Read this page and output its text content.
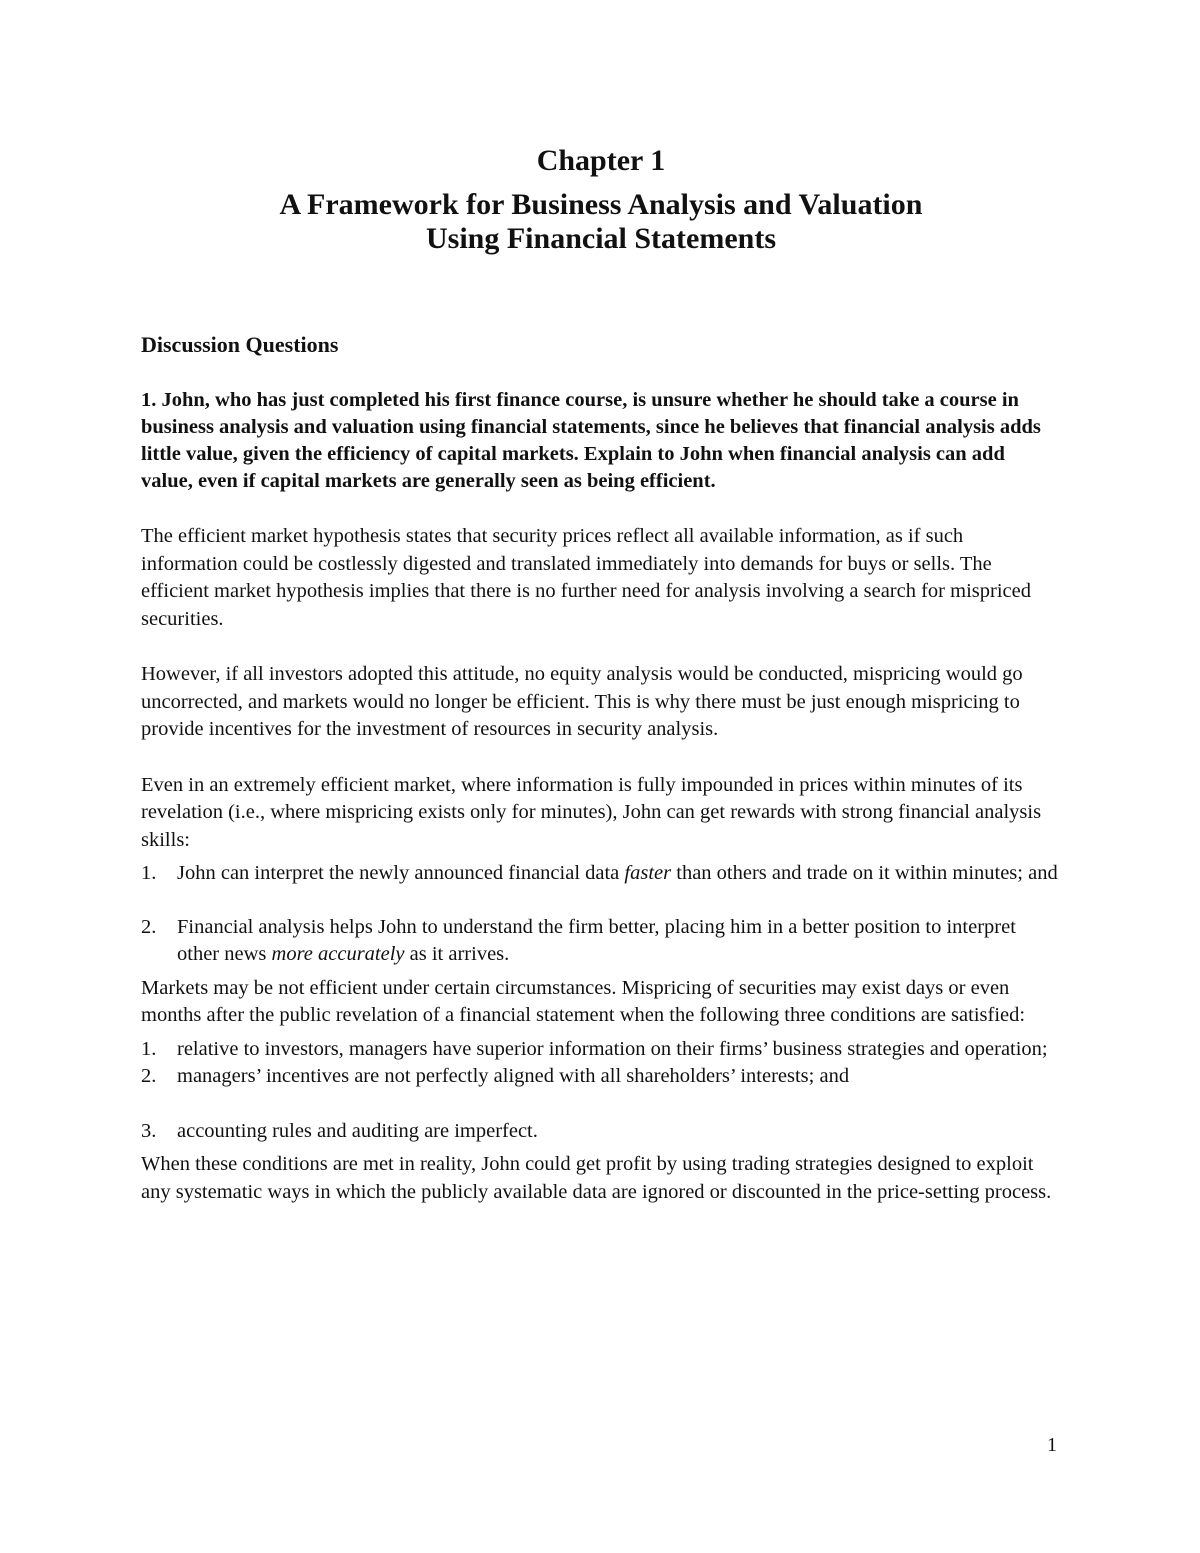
Chapter 1
A Framework for Business Analysis and Valuation
Using Financial Statements
Discussion Questions

1. John, who has just completed his first finance course, is unsure whether he should take a course in business analysis and valuation using financial statements, since he believes that financial analysis adds little value, given the efficiency of capital markets. Explain to John when financial analysis can add value, even if capital markets are generally seen as being efficient.

The efficient market hypothesis states that security prices reflect all available information, as if such information could be costlessly digested and translated immediately into demands for buys or sells. The efficient market hypothesis implies that there is no further need for analysis involving a search for mispriced securities.

However, if all investors adopted this attitude, no equity analysis would be conducted, mispricing would go uncorrected, and markets would no longer be efficient. This is why there must be just enough mispricing to provide incentives for the investment of resources in security analysis.

Even in an extremely efficient market, where information is fully impounded in prices within minutes of its revelation (i.e., where mispricing exists only for minutes), John can get rewards with strong financial analysis skills:

1. John can interpret the newly announced financial data faster than others and trade on it within minutes; and
2. Financial analysis helps John to understand the firm better, placing him in a better position to interpret other news more accurately as it arrives.

Markets may be not efficient under certain circumstances. Mispricing of securities may exist days or even months after the public revelation of a financial statement when the following three conditions are satisfied:

1. relative to investors, managers have superior information on their firms’ business strategies and operation;
2. managers’ incentives are not perfectly aligned with all shareholders’ interests; and
3. accounting rules and auditing are imperfect.

When these conditions are met in reality, John could get profit by using trading strategies designed to exploit any systematic ways in which the publicly available data are ignored or discounted in the price-setting process.

1
